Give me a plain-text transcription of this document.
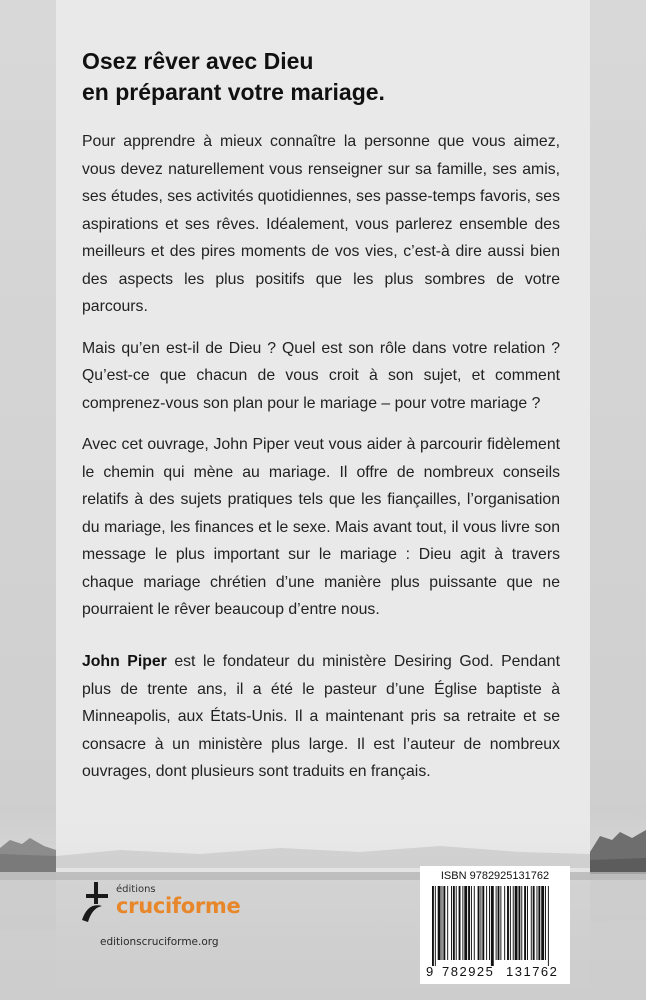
Osez rêver avec Dieu
en préparant votre mariage.

Pour apprendre à mieux connaître la personne que vous aimez, vous devez naturellement vous renseigner sur sa famille, ses amis, ses études, ses activités quotidiennes, ses passe-temps favoris, ses aspirations et ses rêves. Idéalement, vous parlerez ensemble des meilleurs et des pires moments de vos vies, c’est-à dire aussi bien des aspects les plus positifs que les plus sombres de votre parcours.

Mais qu’en est-il de Dieu ? Quel est son rôle dans votre relation ? Qu’est-ce que chacun de vous croit à son sujet, et comment comprenez-vous son plan pour le mariage – pour votre mariage ?

Avec cet ouvrage, John Piper veut vous aider à parcourir fidèlement le chemin qui mène au mariage. Il offre de nombreux conseils relatifs à des sujets pratiques tels que les fiançailles, l’organisation du mariage, les finances et le sexe. Mais avant tout, il vous livre son message le plus important sur le mariage : Dieu agit à travers chaque mariage chrétien d’une manière plus puissante que ne pourraient le rêver beaucoup d’entre nous.

John Piper est le fondateur du ministère Desiring God. Pendant plus de trente ans, il a été le pasteur d’une Église baptiste à Minneapolis, aux États-Unis. Il a maintenant pris sa retraite et se consacre à un ministère plus large. Il est l’auteur de nombreux ouvrages, dont plusieurs sont traduits en français.

éditions
cruciforme
editionscruciforme.org
ISBN 9782925131762
9 782925 131762
